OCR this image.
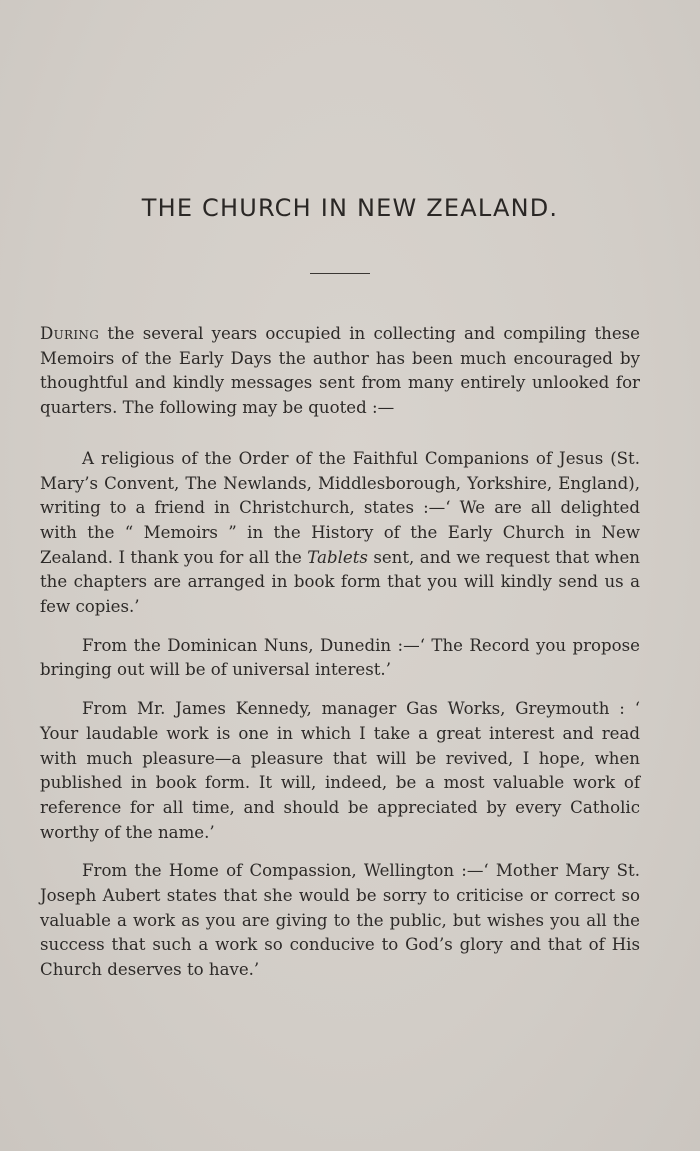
THE CHURCH IN NEW ZEALAND.

During the several years occupied in collecting and compiling these Memoirs of the Early Days the author has been much encouraged by thoughtful and kindly messages sent from many entirely unlooked for quarters. The following may be quoted :—

A religious of the Order of the Faithful Companions of Jesus (St. Mary’s Convent, The Newlands, Middlesborough, Yorkshire, England), writing to a friend in Christchurch, states :—‘ We are all delighted with the “ Memoirs ” in the History of the Early Church in New Zealand. I thank you for all the Tablets sent, and we request that when the chapters are arranged in book form that you will kindly send us a few copies.’

From the Dominican Nuns, Dunedin :—‘ The Record you propose bringing out will be of universal interest.’

From Mr. James Kennedy, manager Gas Works, Greymouth : ‘ Your laudable work is one in which I take a great interest and read with much pleasure—a pleasure that will be revived, I hope, when published in book form. It will, indeed, be a most valuable work of reference for all time, and should be appreciated by every Catholic worthy of the name.’

From the Home of Compassion, Wellington :—‘ Mother Mary St. Joseph Aubert states that she would be sorry to criticise or correct so valuable a work as you are giving to the public, but wishes you all the success that such a work so conducive to God’s glory and that of His Church deserves to have.’
